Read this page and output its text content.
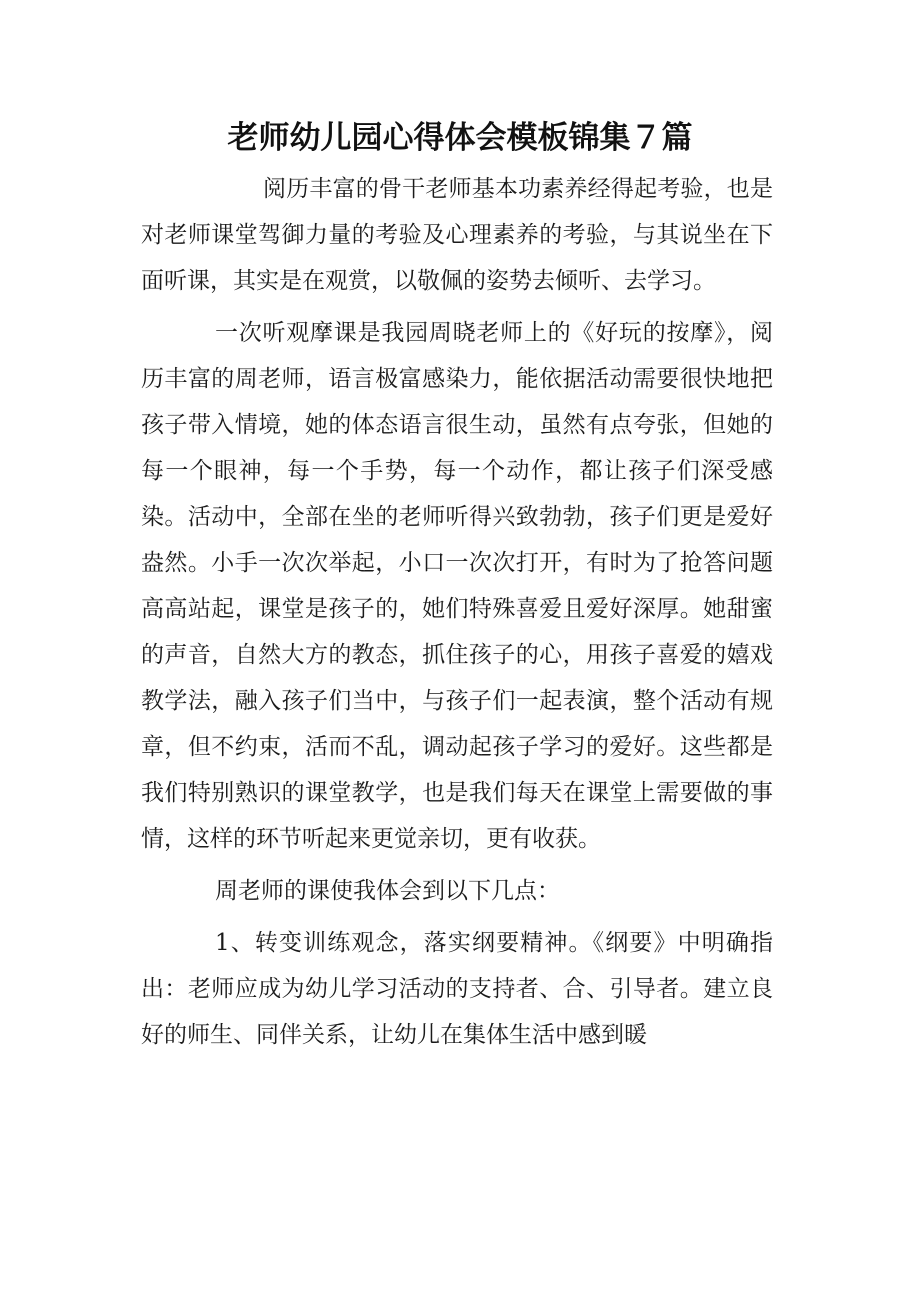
老师幼儿园心得体会模板锦集７篇

阅历丰富的骨干老师基本功素养经得起考验，也是对老师课堂驾御力量的考验及心理素养的考验，与其说坐在下面听课，其实是在观赏，以敬佩的姿势去倾听、去学习。

一次听观摩课是我园周晓老师上的《好玩的按摩》，阅历丰富的周老师，语言极富感染力，能依据活动需要很快地把孩子带入情境，她的体态语言很生动，虽然有点夸张，但她的每一个眼神，每一个手势，每一个动作，都让孩子们深受感染。活动中，全部在坐的老师听得兴致勃勃，孩子们更是爱好盎然。小手一次次举起，小口一次次打开，有时为了抢答问题高高站起，课堂是孩子的，她们特殊喜爱且爱好深厚。她甜蜜的声音，自然大方的教态，抓住孩子的心，用孩子喜爱的嬉戏教学法，融入孩子们当中，与孩子们一起表演，整个活动有规章，但不约束，活而不乱，调动起孩子学习的爱好。这些都是我们特别熟识的课堂教学，也是我们每天在课堂上需要做的事情，这样的环节听起来更觉亲切，更有收获。

周老师的课使我体会到以下几点：

1、转变训练观念，落实纲要精神。《纲要》中明确指出：老师应成为幼儿学习活动的支持者、合、引导者。建立良好的师生、同伴关系，让幼儿在集体生活中感到暖
